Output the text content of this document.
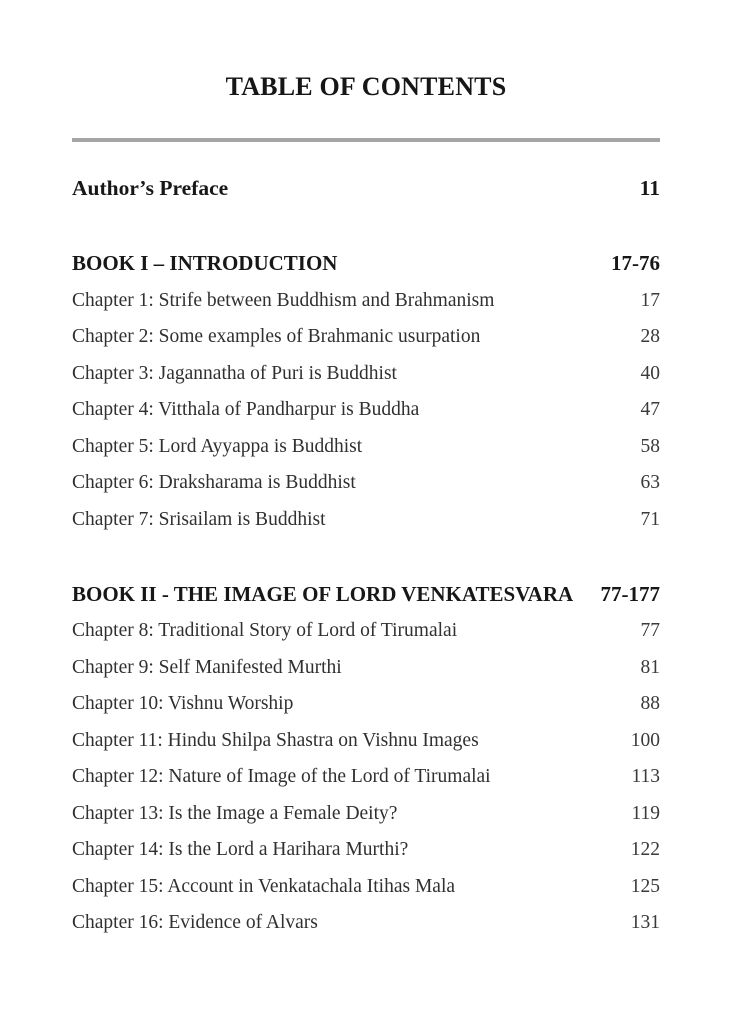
TABLE OF CONTENTS
Author’s Preface	11
BOOK I – INTRODUCTION	17-76
Chapter 1: Strife between Buddhism and Brahmanism	17
Chapter 2: Some examples of Brahmanic usurpation	28
Chapter 3: Jagannatha of Puri is Buddhist	40
Chapter 4: Vitthala of Pandharpur is Buddha	47
Chapter 5: Lord Ayyappa is Buddhist	58
Chapter 6: Draksharama is Buddhist	63
Chapter 7: Srisailam is Buddhist	71
BOOK II - THE IMAGE OF LORD VENKATESVARA	77-177
Chapter 8: Traditional Story of Lord of Tirumalai	77
Chapter 9: Self Manifested Murthi	81
Chapter 10: Vishnu Worship	88
Chapter 11: Hindu Shilpa Shastra on Vishnu Images	100
Chapter 12: Nature of Image of the Lord of Tirumalai	113
Chapter 13: Is the Image a Female Deity?	119
Chapter 14: Is the Lord a Harihara Murthi?	122
Chapter 15: Account in Venkatachala Itihas Mala	125
Chapter 16: Evidence of Alvars	131
